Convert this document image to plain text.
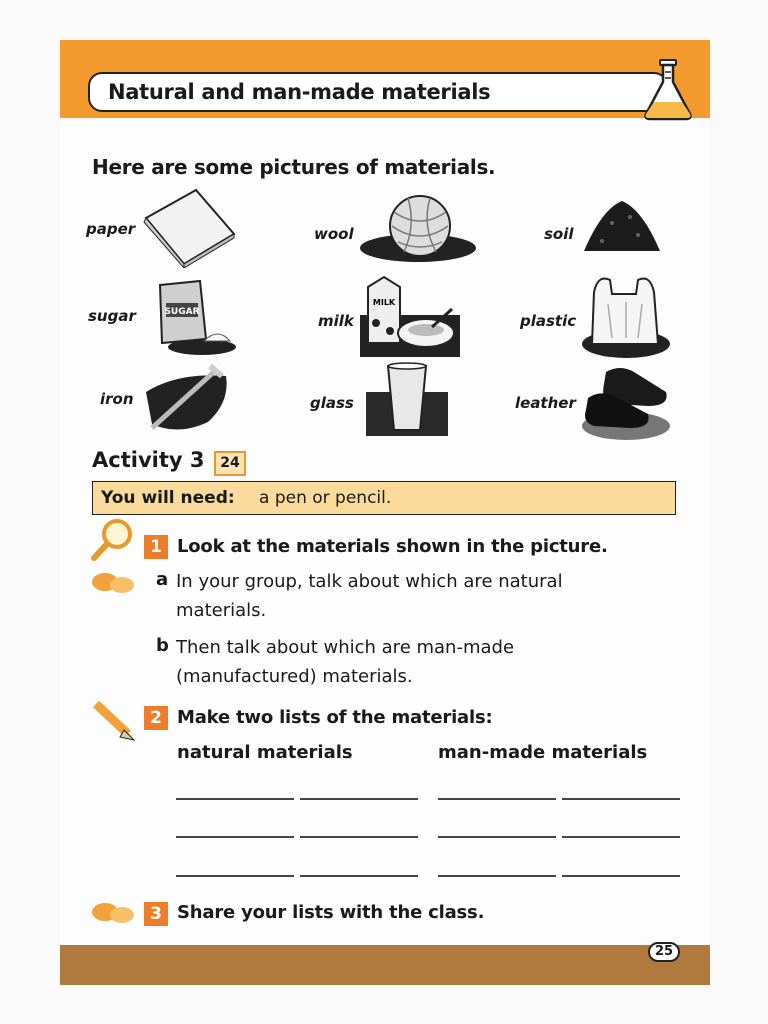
Natural and man-made materials
Here are some pictures of materials.
paper	wool	soil
sugar	SUGAR	milk
MILK
plastic
iron	glass	leather
Activity 3	24
You will need: a pen or pencil.
1 Look at the materials shown in the picture.
a In your group, talk about which are natural materials.
b Then talk about which are man-made (manufactured) materials.
2 Make two lists of the materials:
natural materials	man-made materials
3 Share your lists with the class.
25
